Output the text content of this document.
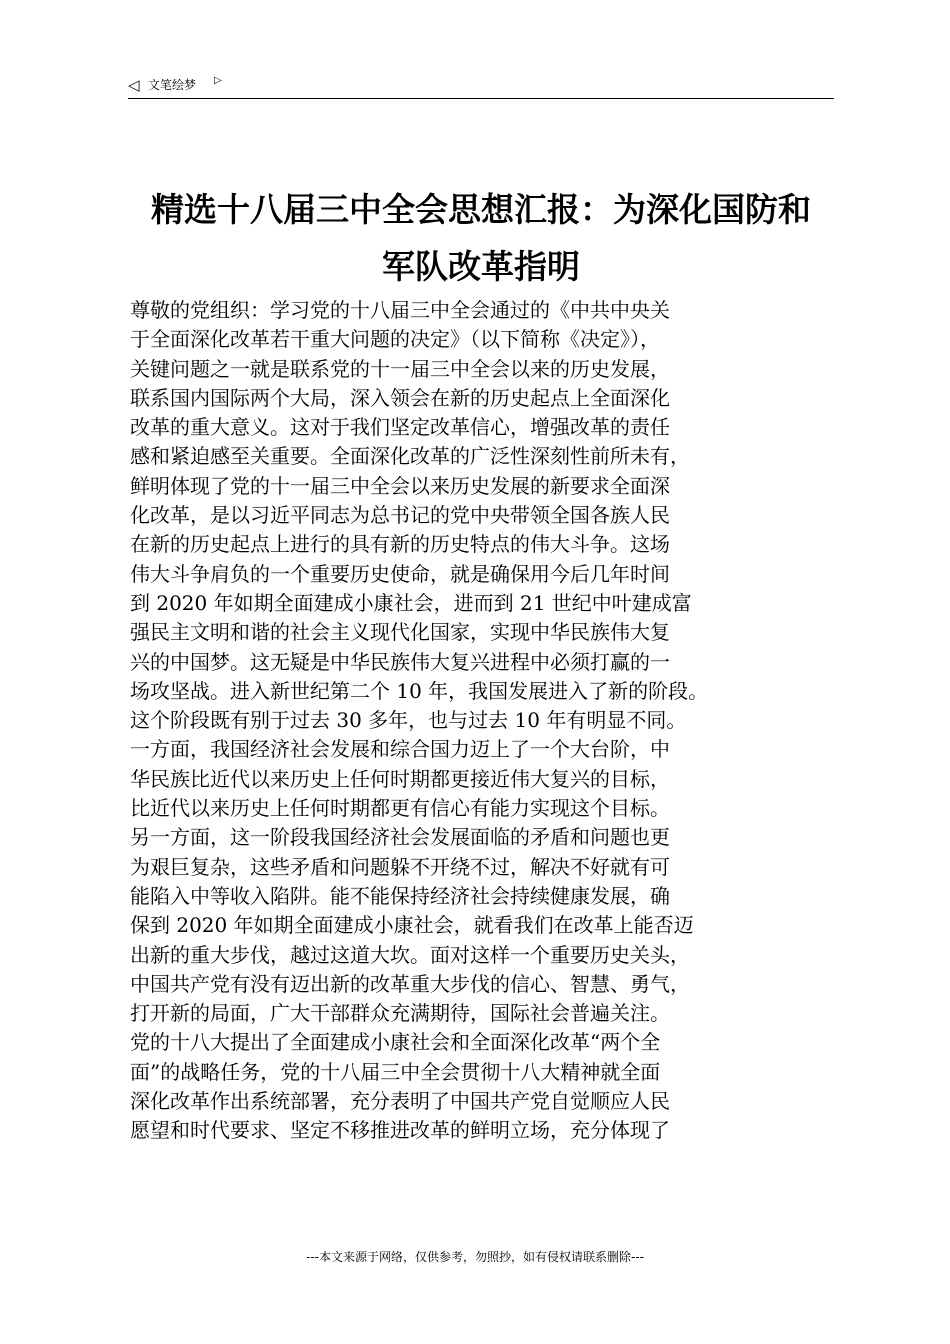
◁ 文笔绘梦 ▷
精选十八届三中全会思想汇报：为深化国防和
军队改革指明
尊敬的党组织：学习党的十八届三中全会通过的《中共中央关
于全面深化改革若干重大问题的决定》（以下简称《决定》），
关键问题之一就是联系党的十一届三中全会以来的历史发展，
联系国内国际两个大局，深入领会在新的历史起点上全面深化
改革的重大意义。这对于我们坚定改革信心，增强改革的责任
感和紧迫感至关重要。全面深化改革的广泛性深刻性前所未有，
鲜明体现了党的十一届三中全会以来历史发展的新要求全面深
化改革，是以习近平同志为总书记的党中央带领全国各族人民
在新的历史起点上进行的具有新的历史特点的伟大斗争。这场
伟大斗争肩负的一个重要历史使命，就是确保用今后几年时间
到 2020 年如期全面建成小康社会，进而到 21 世纪中叶建成富
强民主文明和谐的社会主义现代化国家，实现中华民族伟大复
兴的中国梦。这无疑是中华民族伟大复兴进程中必须打赢的一
场攻坚战。进入新世纪第二个 10 年，我国发展进入了新的阶段。
这个阶段既有别于过去 30 多年，也与过去 10 年有明显不同。
一方面，我国经济社会发展和综合国力迈上了一个大台阶，中
华民族比近代以来历史上任何时期都更接近伟大复兴的目标，
比近代以来历史上任何时期都更有信心有能力实现这个目标。
另一方面，这一阶段我国经济社会发展面临的矛盾和问题也更
为艰巨复杂，这些矛盾和问题躲不开绕不过，解决不好就有可
能陷入中等收入陷阱。能不能保持经济社会持续健康发展，确
保到 2020 年如期全面建成小康社会，就看我们在改革上能否迈
出新的重大步伐，越过这道大坎。面对这样一个重要历史关头，
中国共产党有没有迈出新的改革重大步伐的信心、智慧、勇气，
打开新的局面，广大干部群众充满期待，国际社会普遍关注。
党的十八大提出了全面建成小康社会和全面深化改革“两个全
面”的战略任务，党的十八届三中全会贯彻十八大精神就全面
深化改革作出系统部署，充分表明了中国共产党自觉顺应人民
愿望和时代要求、坚定不移推进改革的鲜明立场，充分体现了
---本文来源于网络，仅供参考，勿照抄，如有侵权请联系删除---
